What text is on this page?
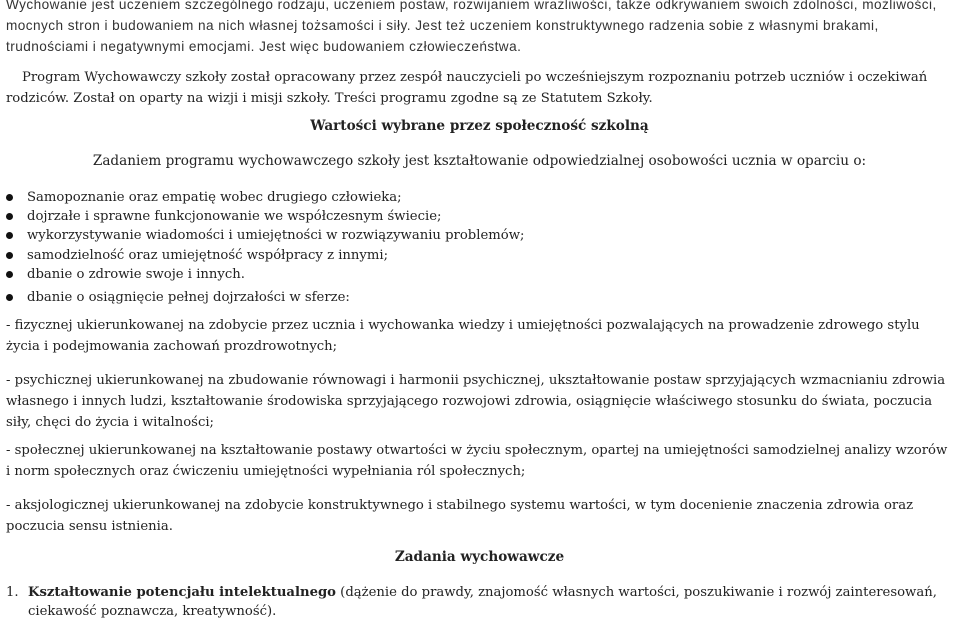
Wychowanie jest uczeniem szczególnego rodzaju, uczeniem postaw, rozwijaniem wrażliwości, także odkrywaniem swoich zdolności, możliwości, mocnych stron i budowaniem na nich własnej tożsamości i siły. Jest też uczeniem konstruktywnego radzenia sobie z własnymi brakami, trudnościami i negatywnymi emocjami. Jest więc budowaniem człowieczeństwa.

Program Wychowawczy szkoły został opracowany przez zespół nauczycieli po wcześniejszym rozpoznaniu potrzeb uczniów i oczekiwań rodziców. Został on oparty na wizji i misji szkoły. Treści programu zgodne są ze Statutem Szkoły.

Wartości wybrane przez społeczność szkolną

Zadaniem programu wychowawczego szkoły jest kształtowanie odpowiedzialnej osobowości ucznia w oparciu o:

Samopoznanie oraz empatię wobec drugiego człowieka;
dojrzałe i sprawne funkcjonowanie we współczesnym świecie;
wykorzystywanie wiadomości i umiejętności w rozwiązywaniu problemów;
samodzielność oraz umiejętność współpracy z innymi;
dbanie o zdrowie swoje i innych.
dbanie o osiągnięcie pełnej dojrzałości w sferze:

- fizycznej ukierunkowanej na zdobycie przez ucznia i wychowanka wiedzy i umiejętności pozwalających na prowadzenie zdrowego stylu życia i podejmowania zachowań prozdrowotnych;

- psychicznej ukierunkowanej na zbudowanie równowagi i harmonii psychicznej, ukształtowanie postaw sprzyjających wzmacnianiu zdrowia własnego i innych ludzi, kształtowanie środowiska sprzyjającego rozwojowi zdrowia, osiągnięcie właściwego stosunku do świata, poczucia siły, chęci do życia i witalności;

- społecznej ukierunkowanej na kształtowanie postawy otwartości w życiu społecznym, opartej na umiejętności samodzielnej analizy wzorów i norm społecznych oraz ćwiczeniu umiejętności wypełniania ról społecznych;

- aksjologicznej ukierunkowanej na zdobycie konstruktywnego i stabilnego systemu wartości, w tym docenienie znaczenia zdrowia oraz poczucia sensu istnienia.

Zadania wychowawcze

1. Kształtowanie potencjału intelektualnego (dążenie do prawdy, znajomość własnych wartości, poszukiwanie i rozwój zainteresowań, ciekawość poznawcza, kreatywność).
